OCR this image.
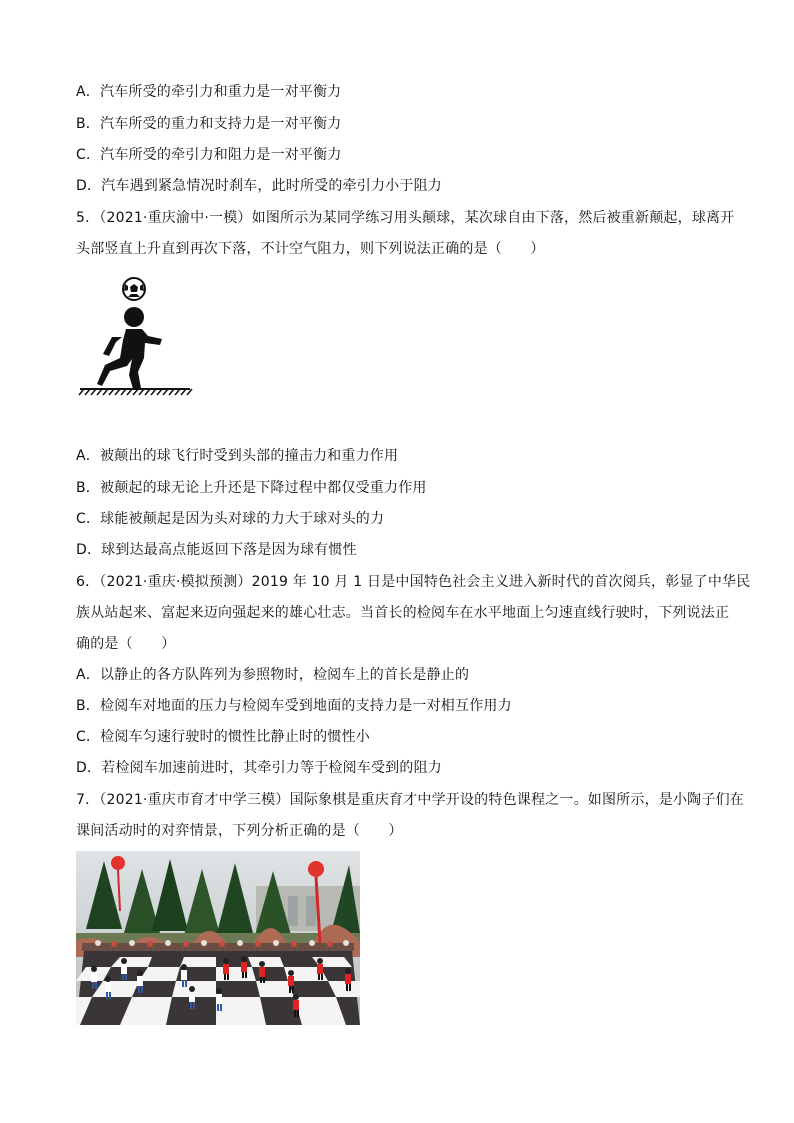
A．汽车所受的牵引力和重力是一对平衡力
B．汽车所受的重力和支持力是一对平衡力
C．汽车所受的牵引力和阻力是一对平衡力
D．汽车遇到紧急情况时刹车，此时所受的牵引力小于阻力
5．（2021·重庆渝中·一模）如图所示为某同学练习用头颠球，某次球自由下落，然后被重新颠起，球离开
头部竖直上升直到再次下落，不计空气阻力，则下列说法正确的是（　　）
A．被颠出的球飞行时受到头部的撞击力和重力作用
B．被颠起的球无论上升还是下降过程中都仅受重力作用
C．球能被颠起是因为头对球的力大于球对头的力
D．球到达最高点能返回下落是因为球有惯性
6．（2021·重庆·模拟预测）2019 年 10 月 1 日是中国特色社会主义进入新时代的首次阅兵，彰显了中华民
族从站起来、富起来迈向强起来的雄心壮志。当首长的检阅车在水平地面上匀速直线行驶时，下列说法正
确的是（　　）
A．以静止的各方队阵列为参照物时，检阅车上的首长是静止的
B．检阅车对地面的压力与检阅车受到地面的支持力是一对相互作用力
C．检阅车匀速行驶时的惯性比静止时的惯性小
D．若检阅车加速前进时，其牵引力等于检阅车受到的阻力
7．（2021·重庆市育才中学三模）国际象棋是重庆育才中学开设的特色课程之一。如图所示，是小陶子们在
课间活动时的对弈情景，下列分析正确的是（　　）
